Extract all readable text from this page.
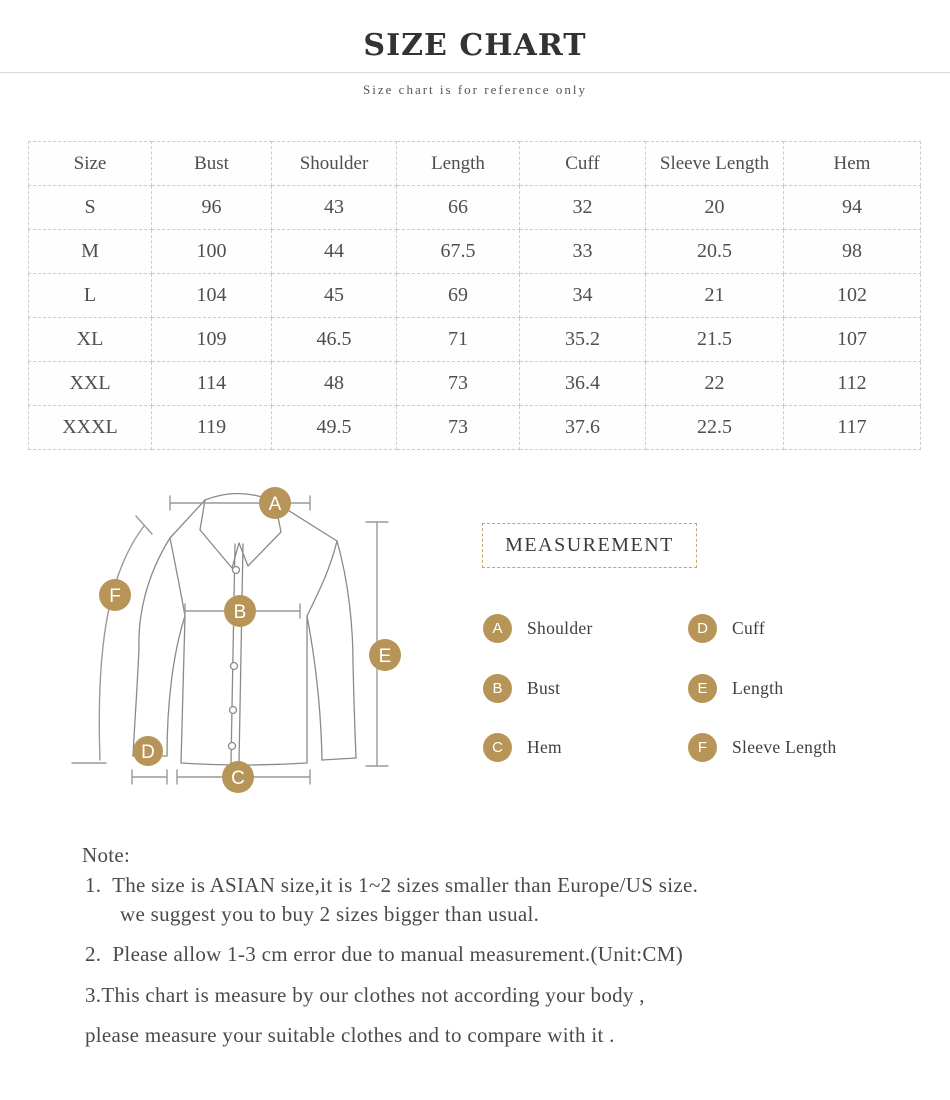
SIZE CHART
Size chart is for reference only
Size	Bust	Shoulder	Length	Cuff	Sleeve Length	Hem
S	96	43	66	32	20	94
M	100	44	67.5	33	20.5	98
L	104	45	69	34	21	102
XL	109	46.5	71	35.2	21.5	107
XXL	114	48	73	36.4	22	112
XXXL	119	49.5	73	37.6	22.5	117
A
B
C
D
E
F
MEASUREMENT
A	Shoulder
B	Bust
C	Hem
D	Cuff
E	Length
F	Sleeve Length
Note:
1.  The size is ASIAN size,it is 1~2 sizes smaller than Europe/US size.
we suggest you to buy 2 sizes bigger than usual.
2.  Please allow 1-3 cm error due to manual measurement.(Unit:CM)
3.This chart is measure by our clothes not according your body ,
please measure your suitable clothes and to compare with it .
